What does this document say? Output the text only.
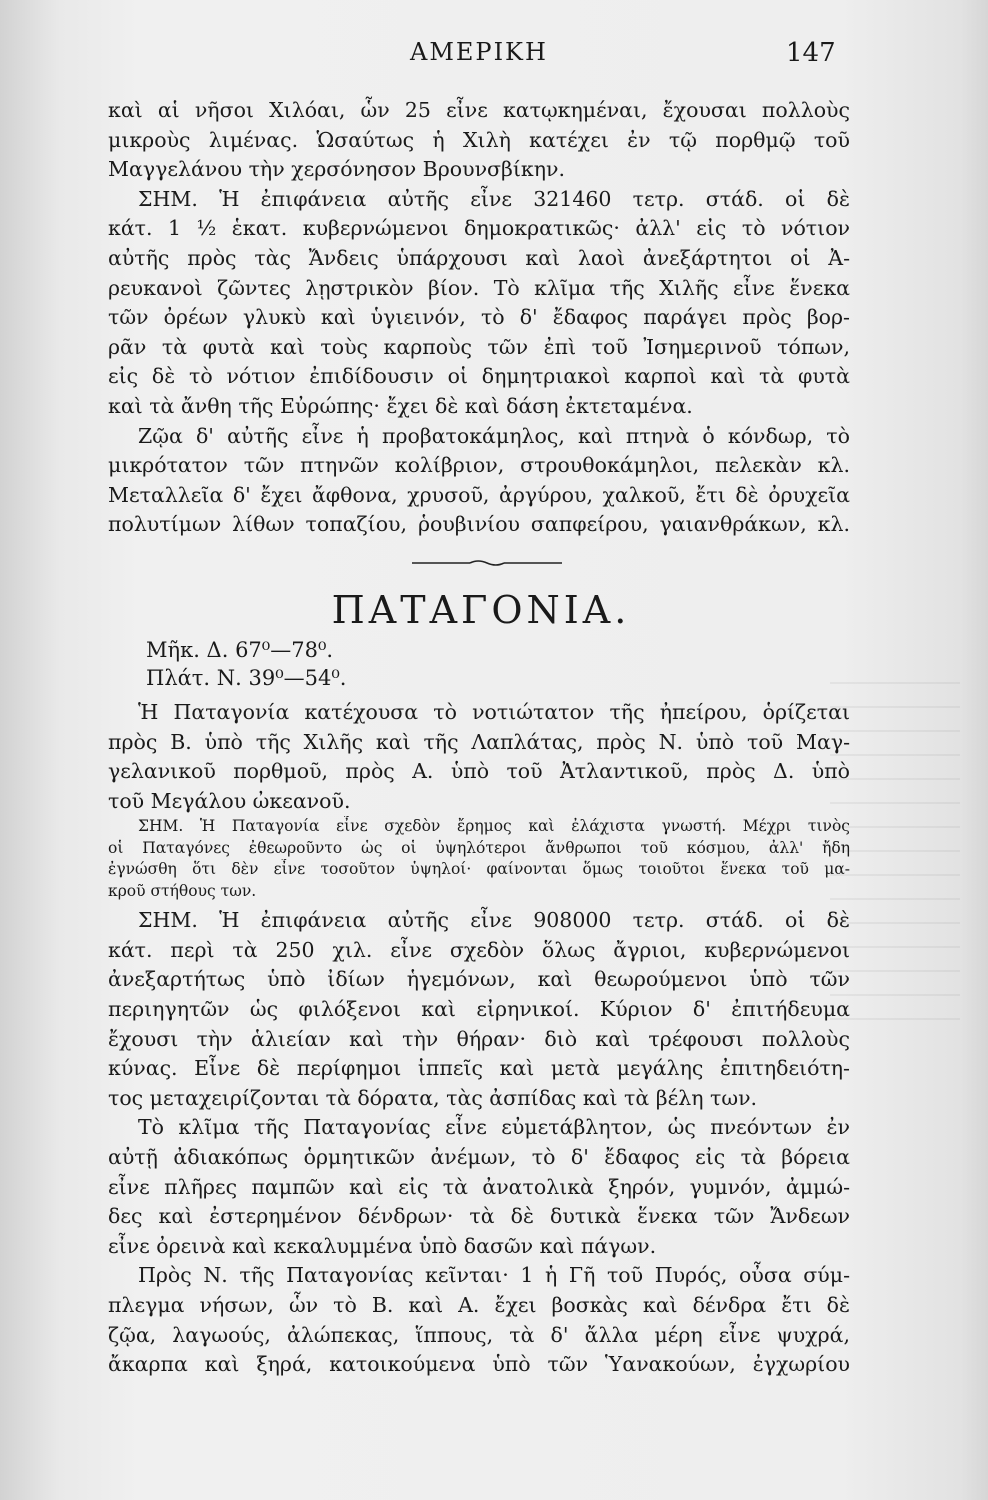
ΑΜΕΡΙΚΗ	147
καὶ αἱ νῆσοι Χιλόαι, ὧν 25 εἶνε κατῳκημέναι, ἔχουσαι πολλοὺς
μικροὺς λιμένας. Ὡσαύτως ἡ Χιλὴ κατέχει ἐν τῷ πορθμῷ τοῦ
Μαγγελάνου τὴν χερσόνησον Βρουνσβίκην.
ΣΗΜ. Ἡ ἐπιφάνεια αὐτῆς εἶνε 321460 τετρ. στάδ. οἱ δὲ
κάτ. 1 ½ ἑκατ. κυβερνώμενοι δημοκρατικῶς· ἀλλ' εἰς τὸ νότιον
αὐτῆς πρὸς τὰς Ἄνδεις ὑπάρχουσι καὶ λαοὶ ἀνεξάρτητοι οἱ Ἀ-
ρευκανοὶ ζῶντες λῃστρικὸν βίον. Τὸ κλῖμα τῆς Χιλῆς εἶνε ἕνεκα
τῶν ὀρέων γλυκὺ καὶ ὑγιεινόν, τὸ δ' ἔδαφος παράγει πρὸς βορ-
ρᾶν τὰ φυτὰ καὶ τοὺς καρποὺς τῶν ἐπὶ τοῦ Ἰσημερινοῦ τόπων,
εἰς δὲ τὸ νότιον ἐπιδίδουσιν οἱ δημητριακοὶ καρποὶ καὶ τὰ φυτὰ
καὶ τὰ ἄνθη τῆς Εὐρώπης· ἔχει δὲ καὶ δάση ἐκτεταμένα.
Ζῷα δ' αὐτῆς εἶνε ἡ προβατοκάμηλος, καὶ πτηνὰ ὁ κόνδωρ, τὸ
μικρότατον τῶν πτηνῶν κολίβριον, στρουθοκάμηλοι, πελεκὰν κλ.
Μεταλλεῖα δ' ἔχει ἄφθονα, χρυσοῦ, ἀργύρου, χαλκοῦ, ἔτι δὲ ὀρυχεῖα
πολυτίμων λίθων τοπαζίου, ῥουβινίου σαπφείρου, γαιανθράκων, κλ.
ΠΑΤΑΓΟΝΙΑ.
Μῆκ. Δ. 67⁰—78⁰.
Πλάτ. Ν. 39⁰—54⁰.
Ἡ Παταγονία κατέχουσα τὸ νοτιώτατον τῆς ἠπείρου, ὁρίζεται
πρὸς Β. ὑπὸ τῆς Χιλῆς καὶ τῆς Λαπλάτας, πρὸς Ν. ὑπὸ τοῦ Μαγ-
γελανικοῦ πορθμοῦ, πρὸς Α. ὑπὸ τοῦ Ἀτλαντικοῦ, πρὸς Δ. ὑπὸ
τοῦ Μεγάλου ὠκεανοῦ.
ΣΗΜ. Ἡ Παταγονία εἶνε σχεδὸν ἔρημος καὶ ἐλάχιστα γνωστή. Μέχρι τινὸς
οἱ Παταγόνες ἐθεωροῦντο ὡς οἱ ὑψηλότεροι ἄνθρωποι τοῦ κόσμου, ἀλλ' ἤδη
ἐγνώσθη ὅτι δὲν εἶνε τοσοῦτον ὑψηλοί· φαίνονται ὅμως τοιοῦτοι ἕνεκα τοῦ μα-
κροῦ στήθους των.
ΣΗΜ. Ἡ ἐπιφάνεια αὐτῆς εἶνε 908000 τετρ. στάδ. οἱ δὲ
κάτ. περὶ τὰ 250 χιλ. εἶνε σχεδὸν ὅλως ἄγριοι, κυβερνώμενοι
ἀνεξαρτήτως ὑπὸ ἰδίων ἡγεμόνων, καὶ θεωρούμενοι ὑπὸ τῶν
περιηγητῶν ὡς φιλόξενοι καὶ εἰρηνικοί. Κύριον δ' ἐπιτήδευμα
ἔχουσι τὴν ἁλιείαν καὶ τὴν θήραν· διὸ καὶ τρέφουσι πολλοὺς
κύνας. Εἶνε δὲ περίφημοι ἱππεῖς καὶ μετὰ μεγάλης ἐπιτηδειότη-
τος μεταχειρίζονται τὰ δόρατα, τὰς ἀσπίδας καὶ τὰ βέλη των.
Τὸ κλῖμα τῆς Παταγονίας εἶνε εὐμετάβλητον, ὡς πνεόντων ἐν
αὐτῇ ἀδιακόπως ὁρμητικῶν ἀνέμων, τὸ δ' ἔδαφος εἰς τὰ βόρεια
εἶνε πλῆρες παμπῶν καὶ εἰς τὰ ἀνατολικὰ ξηρόν, γυμνόν, ἀμμώ-
δες καὶ ἐστερημένον δένδρων· τὰ δὲ δυτικὰ ἕνεκα τῶν Ἄνδεων
εἶνε ὀρεινὰ καὶ κεκαλυμμένα ὑπὸ δασῶν καὶ πάγων.
Πρὸς Ν. τῆς Παταγονίας κεῖνται· 1 ἡ Γῆ τοῦ Πυρός, οὖσα σύμ-
πλεγμα νήσων, ὧν τὸ Β. καὶ Α. ἔχει βοσκὰς καὶ δένδρα ἔτι δὲ
ζῷα, λαγωούς, ἀλώπεκας, ἵππους, τὰ δ' ἄλλα μέρη εἶνε ψυχρά,
ἄκαρπα καὶ ξηρά, κατοικούμενα ὑπὸ τῶν Ὑανακούων, ἐγχωρίου
